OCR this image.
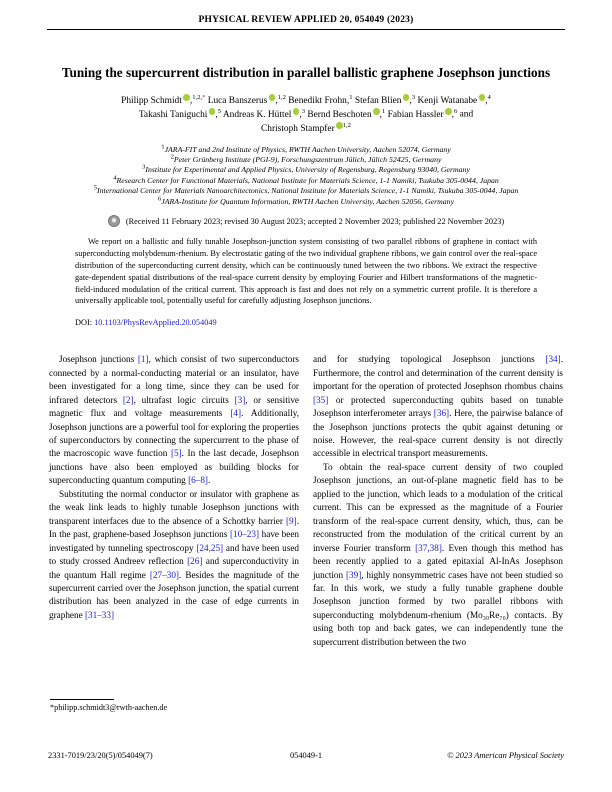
PHYSICAL REVIEW APPLIED 20, 054049 (2023)
Tuning the supercurrent distribution in parallel ballistic graphene Josephson junctions
Philipp Schmidt ,$^{1,2,*}$ Luca Banszerus ,$^{1,2}$ Benedikt Frohn,$^1$ Stefan Blien ,$^3$ Kenji Watanabe ,$^4$
Takashi Taniguchi ,$^5$ Andreas K. Hüttel ,$^3$ Bernd Beschoten ,$^1$ Fabian Hassler ,$^6$ and
Christoph Stampfer $^{1,2}$
$^1$JARA-FIT and 2nd Institute of Physics, RWTH Aachen University, Aachen 52074, Germany
$^2$Peter Grünberg Institute (PGI-9), Forschungszentrum Jülich, Jülich 52425, Germany
$^3$Institute for Experimental and Applied Physics, University of Regensburg, Regensburg 93040, Germany
$^4$Research Center for Functional Materials, National Institute for Materials Science, 1-1 Namiki, Tsukuba 305-0044, Japan
$^5$International Center for Materials Nanoarchitectonics, National Institute for Materials Science, 1-1 Namiki, Tsukuba 305-0044, Japan
$^6$JARA-Institute for Quantum Information, RWTH Aachen University, Aachen 52056, Germany
(Received 11 February 2023; revised 30 August 2023; accepted 2 November 2023; published 22 November 2023)

We report on a ballistic and fully tunable Josephson-junction system consisting of two parallel ribbons of graphene in contact with superconducting molybdenum-rhenium. By electrostatic gating of the two individual graphene ribbons, we gain control over the real-space distribution of the superconducting current density, which can be continuously tuned between the two ribbons. We extract the respective gate-dependent spatial distributions of the real-space current density by employing Fourier and Hilbert transformations of the magnetic-field-induced modulation of the critical current. This approach is fast and does not rely on a symmetric current profile. It is therefore a universally applicable tool, potentially useful for carefully adjusting Josephson junctions.

DOI: 10.1103/PhysRevApplied.20.054049

Josephson junctions [1], which consist of two superconductors connected by a normal-conducting material or an insulator, have been investigated for a long time, since they can be used for infrared detectors [2], ultrafast logic circuits [3], or sensitive magnetic flux and voltage measurements [4]. Additionally, Josephson junctions are a powerful tool for exploring the properties of superconductors by connecting the supercurrent to the phase of the macroscopic wave function [5]. In the last decade, Josephson junctions have also been employed as building blocks for superconducting quantum computing [6–8].

Substituting the normal conductor or insulator with graphene as the weak link leads to highly tunable Josephson junctions with transparent interfaces due to the absence of a Schottky barrier [9]. In the past, graphene-based Josephson junctions [10–23] have been investigated by tunneling spectroscopy [24,25] and have been used to study crossed Andreev reflection [26] and superconductivity in the quantum Hall regime [27–30]. Besides the magnitude of the supercurrent carried over the Josephson junction, the spatial current distribution has been analyzed in the case of edge currents in graphene [31–33]

and for studying topological Josephson junctions [34]. Furthermore, the control and determination of the current density is important for the operation of protected Josephson rhombus chains [35] or protected superconducting qubits based on tunable Josephson interferometer arrays [36]. Here, the pairwise balance of the Josephson junctions protects the qubit against detuning or noise. However, the real-space current density is not directly accessible in electrical transport measurements.

To obtain the real-space current density of two coupled Josephson junctions, an out-of-plane magnetic field has to be applied to the junction, which leads to a modulation of the critical current. This can be expressed as the magnitude of a Fourier transform of the real-space current density, which, thus, can be reconstructed from the modulation of the critical current by an inverse Fourier transform [37,38]. Even though this method has been recently applied to a gated epitaxial Al-InAs Josephson junction [39], highly nonsymmetric cases have not been studied so far. In this work, we study a fully tunable graphene double Josephson junction formed by two parallel ribbons with superconducting molybdenum-rhenium (Mo₃₀Re₇₀) contacts. By using both top and back gates, we can independently tune the supercurrent distribution between the two

*philipp.schmidt3@rwth-aachen.de
2331-7019/23/20(5)/054049(7)	054049-1	© 2023 American Physical Society
